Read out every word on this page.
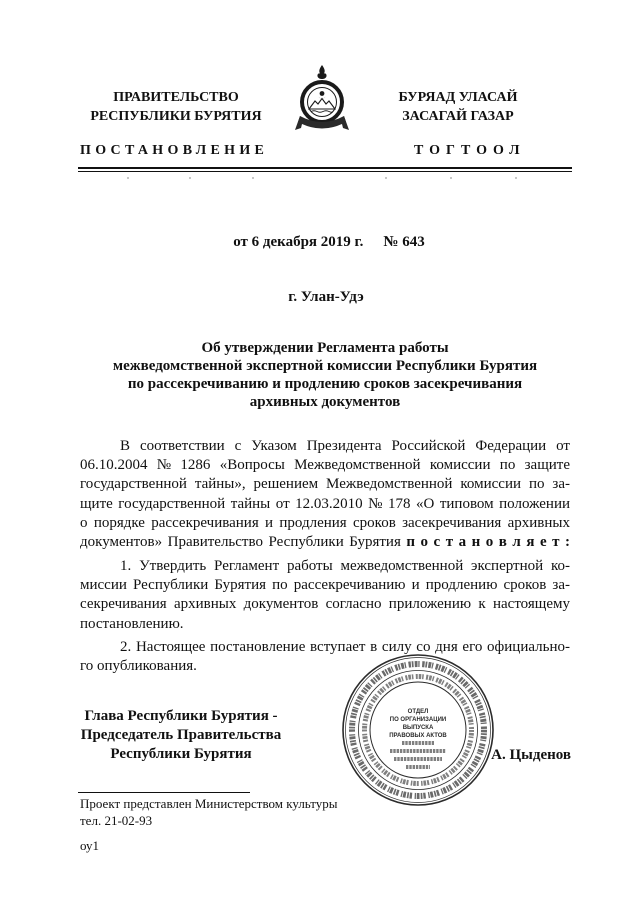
ПРАВИТЕЛЬСТВО
РЕСПУБЛИКИ БУРЯТИЯ
БУРЯАД УЛАСАЙ
ЗАСАГАЙ ГАЗАР
ПОСТАНОВЛЕНИЕ	ТОГТООЛ
от 6 декабря 2019 г. № 643
г. Улан-Удэ
Об утверждении Регламента работы
межведомственной экспертной комиссии Республики Бурятия
по рассекречиванию и продлению сроков засекречивания
архивных документов
В соответствии с Указом Президента Российской Федерации от
06.10.2004 № 1286 «Вопросы Межведомственной комиссии по защите
государственной тайны», решением Межведомственной комиссии по за-
щите государственной тайны от 12.03.2010 № 178 «О типовом положении
о порядке рассекречивания и продления сроков засекречивания архивных
документов» Правительство Республики Бурятия п о с т а н о в л я е т :
1. Утвердить Регламент работы межведомственной экспертной ко-
миссии Республики Бурятия по рассекречиванию и продлению сроков за-
секречивания архивных документов согласно приложению к настоящему
постановлению.
2. Настоящее постановление вступает в силу со дня его официально-
го опубликования.
Глава Республики Бурятия -
Председатель Правительства
Республики Бурятия	А. Цыденов
ОТДЕЛ
ПО ОРГАНИЗАЦИИ
ВЫПУСКА
ПРАВОВЫХ АКТОВ
Проект представлен Министерством культуры
тел. 21-02-93
оу1
